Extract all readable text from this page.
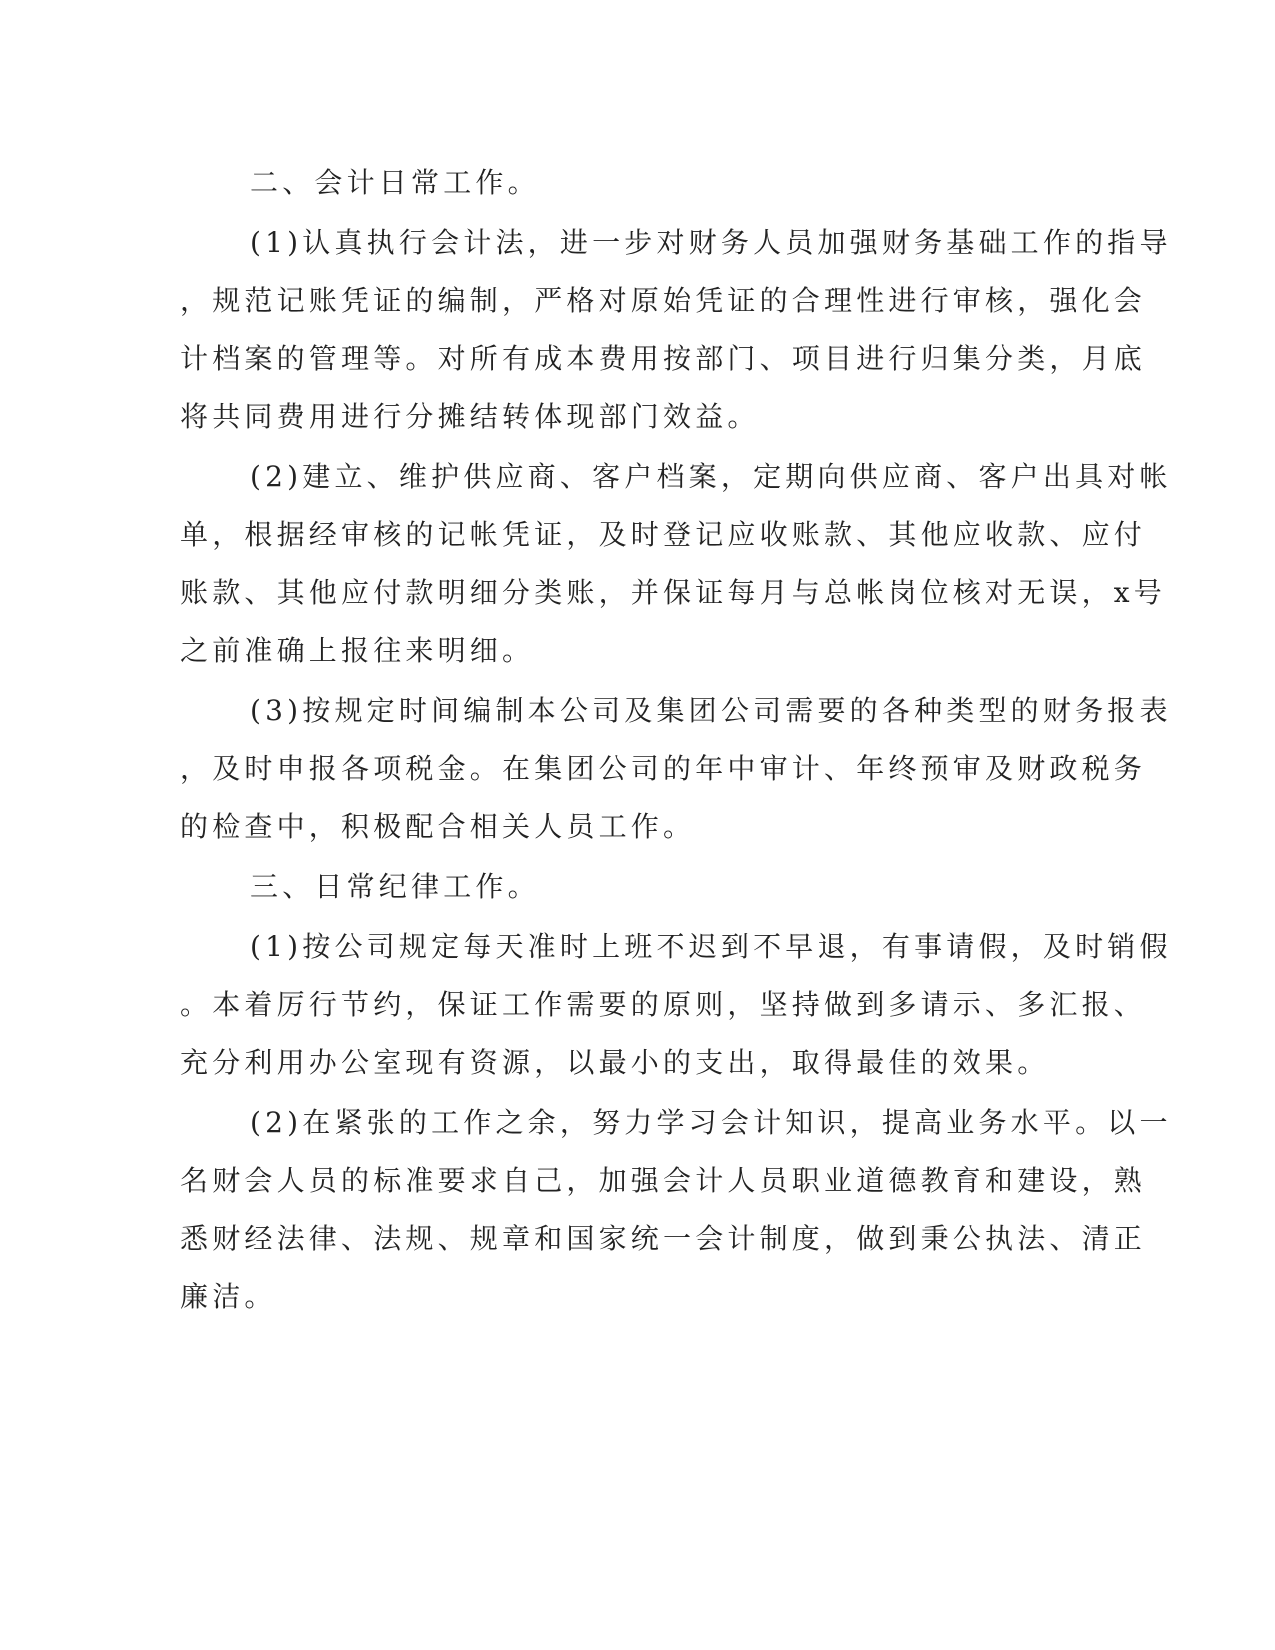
二、会计日常工作。
(1)认真执行会计法，进一步对财务人员加强财务基础工作的指导
，规范记账凭证的编制，严格对原始凭证的合理性进行审核，强化会
计档案的管理等。对所有成本费用按部门、项目进行归集分类，月底
将共同费用进行分摊结转体现部门效益。
(2)建立、维护供应商、客户档案，定期向供应商、客户出具对帐
单，根据经审核的记帐凭证，及时登记应收账款、其他应收款、应付
账款、其他应付款明细分类账，并保证每月与总帐岗位核对无误，x号
之前准确上报往来明细。
(3)按规定时间编制本公司及集团公司需要的各种类型的财务报表
，及时申报各项税金。在集团公司的年中审计、年终预审及财政税务
的检查中，积极配合相关人员工作。
三、日常纪律工作。
(1)按公司规定每天准时上班不迟到不早退，有事请假，及时销假
。本着厉行节约，保证工作需要的原则，坚持做到多请示、多汇报、
充分利用办公室现有资源，以最小的支出，取得最佳的效果。
(2)在紧张的工作之余，努力学习会计知识，提高业务水平。以一
名财会人员的标准要求自己，加强会计人员职业道德教育和建设，熟
悉财经法律、法规、规章和国家统一会计制度，做到秉公执法、清正
廉洁。
